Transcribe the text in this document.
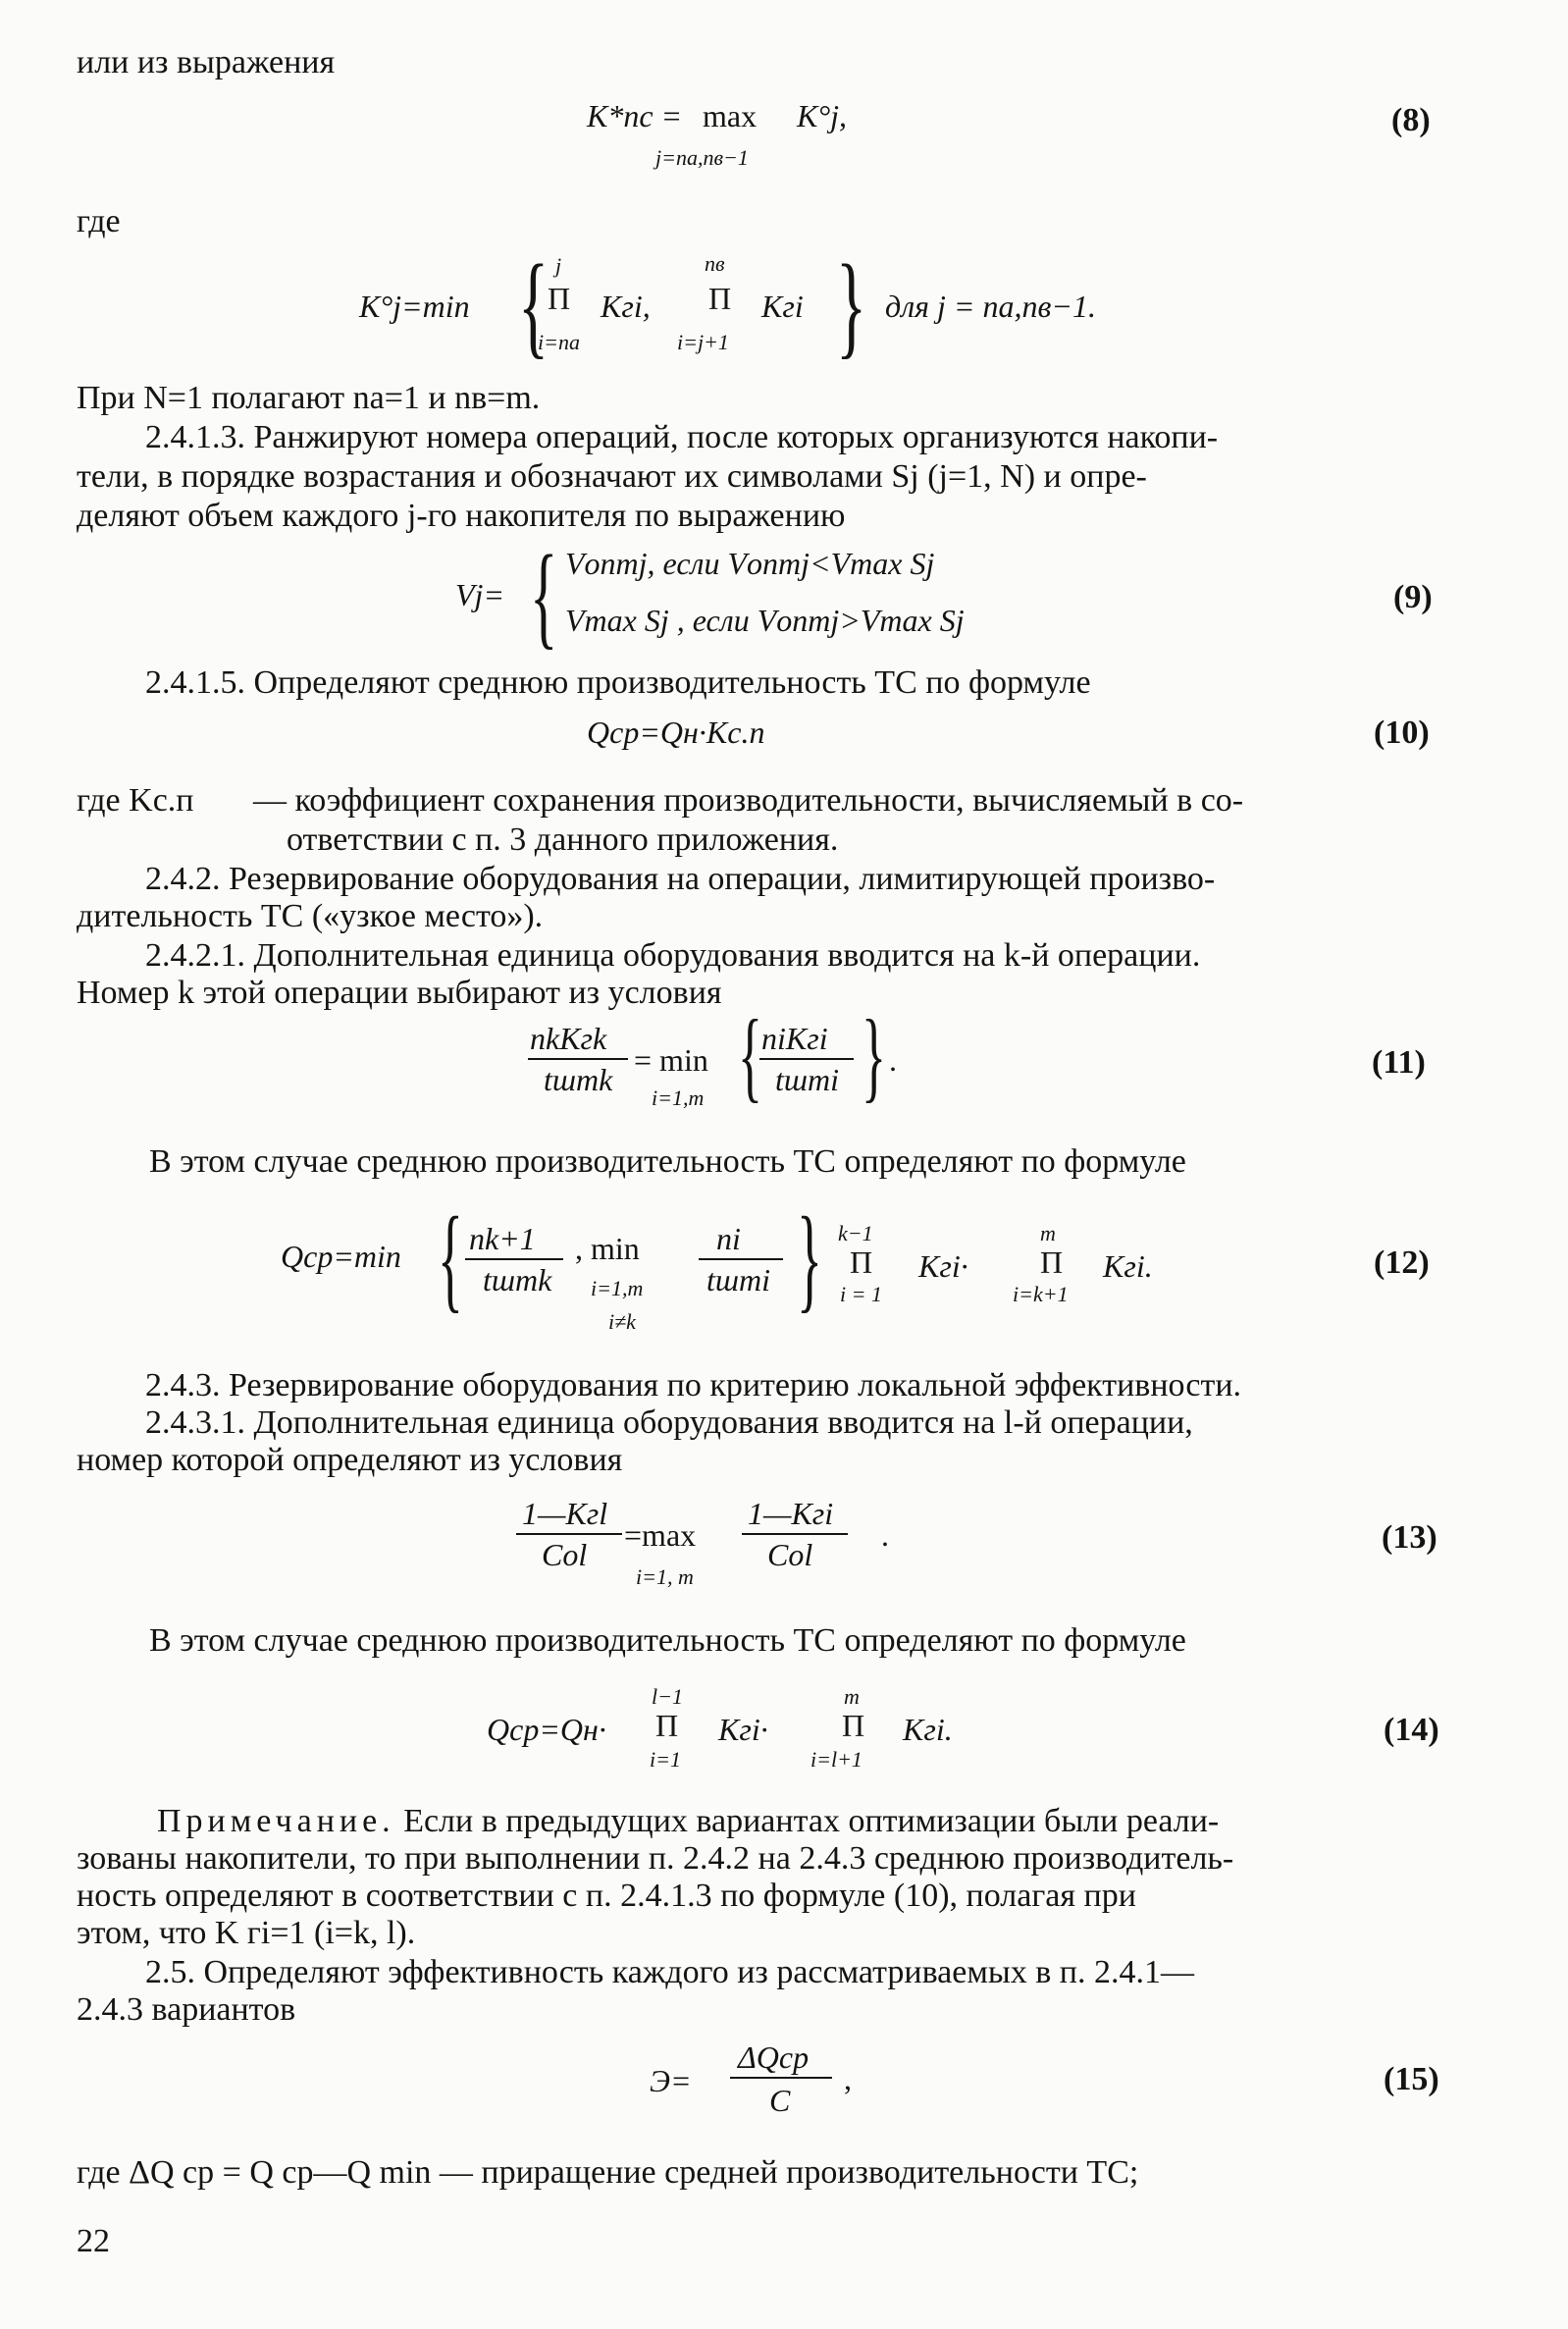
или из выражения
K*пс = max K°j,
j=na,nв−1
(8)
где
K°j=min { j
Π Kгi,
i=na
nв
Π Kгi
i=j+1 } для j = na,nв−1.
При N=1 полагают nа=1 и nв=m.
2.4.1.3. Ранжируют номера операций, после которых организуются накопи-
тели, в порядке возрастания и обозначают их символами Sj (j=1, N) и опре-
деляют объем каждого j-го накопителя по выражению
Vj= { Vоптj, если Vоптj<Vmax Sj
Vmax Sj , если Vоптj>Vmax Sj
(9)
2.4.1.5. Определяют среднюю производительность ТС по формуле
Qср=Qн·Kс.п	(10)
где Kс.п — коэффициент сохранения производительности, вычисляемый в со-
ответствии с п. 3 данного приложения.
2.4.2. Резервирование оборудования на операции, лимитирующей произво-
дительность ТС («узкое место»).
2.4.2.1. Дополнительная единица оборудования вводится на k-й операции.
Номер k этой операции выбирают из условия
nkKгk
tштk
= min
i=1,m { niKгi
tштi } .	(11)
В этом случае среднюю производительность ТС определяют по формуле
Qср=min { nk+1
tштk
, min
i=1,m
i≠k
ni
tштi } k−1
Π Kгi·
i = 1
m
Π Kгi.
i=k+1
(12)
2.4.3. Резервирование оборудования по критерию локальной эффективности.
2.4.3.1. Дополнительная единица оборудования вводится на l-й операции,
номер которой определяют из условия
1—Kгl
Col
=max
i=1, m
1—Kгi
Col
.	(13)
В этом случае среднюю производительность ТС определяют по формуле
Qср=Qн·
l−1
Π Kгi·
i=1
m
Π Kгi.
i=l+1
(14)
Примечание. Если в предыдущих вариантах оптимизации были реали-
зованы накопители, то при выполнении п. 2.4.2 на 2.4.3 среднюю производитель-
ность определяют в соответствии с п. 2.4.1.3 по формуле (10), полагая при
этом, что K гi=1 (i=k, l).
2.5. Определяют эффективность каждого из рассматриваемых в п. 2.4.1—
2.4.3 вариантов
Э=
ΔQср
C
,	(15)
где ΔQ ср = Q ср—Q min — приращение средней производительности ТС;
22
